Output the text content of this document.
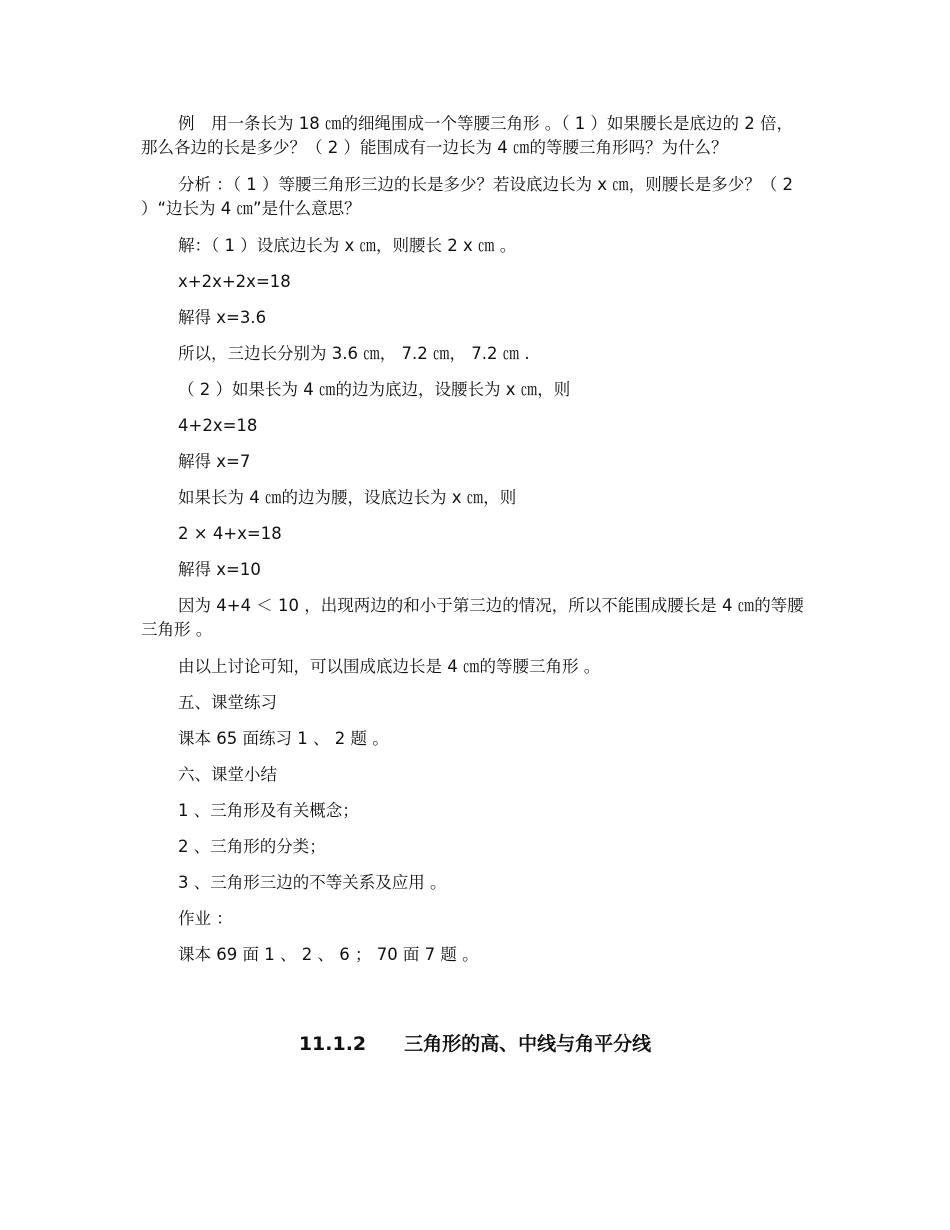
例　用一条长为 18 ㎝的细绳围成一个等腰三角形 。（ 1 ）如果腰长是底边的 2 倍，那么各边的长是多少？（ 2 ）能围成有一边长为 4 ㎝的等腰三角形吗？为什么？

分析 ：（ 1 ）等腰三角形三边的长是多少？若设底边长为 x ㎝，则腰长是多少？（ 2 ）“边长为 4 ㎝”是什么意思？

解：（ 1 ）设底边长为 x ㎝，则腰长 2 x ㎝ 。

x+2x+2x=18

解得 x=3.6

所以，三边长分别为 3.6 ㎝， 7.2 ㎝， 7.2 ㎝ .

（ 2 ）如果长为 4 ㎝的边为底边，设腰长为 x ㎝，则

4+2x=18

解得 x=7

如果长为 4 ㎝的边为腰，设底边长为 x ㎝，则

2 × 4+x=18

解得 x=10

因为 4+4 ＜ 10 ，出现两边的和小于第三边的情况，所以不能围成腰长是 4 ㎝的等腰三角形 。

由以上讨论可知，可以围成底边长是 4 ㎝的等腰三角形 。

五、课堂练习

课本 65 面练习 1 、 2 题 。

六、课堂小结

1 、三角形及有关概念；

2 、三角形的分类；

3 、三角形三边的不等关系及应用 。

作业 ：

课本 69 面 1 、 2 、 6 ； 70 面 7 题 。

11.1.2　　三角形的高、中线与角平分线
